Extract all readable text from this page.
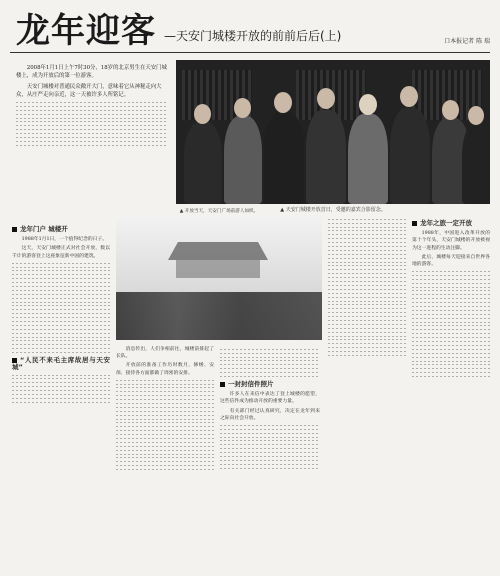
龙年迎客 —天安门城楼开放的前前后后(上)	口本报记者 陈 瑞

2008年1月1日上午7时30分，18岁的北京男生在天安门城楼上，成为开放后的第一位游客。

天安门城楼对普通民众敞开大门，意味着它从神秘走向大众，从庄严走向亲近，这一天被许多人所铭记。

▲ 天安门城楼开放首日，受邀的嘉宾合影留念。
▲ 开放当天，天安门广场前游人如织。
龙年门户 城楼开

1988年1月1日，一个值得纪念的日子。

这天，天安门城楼正式对社会开放，数以千计的游客登上这座象征新中国的建筑。

“人民不来毛主席故居与天安城”

消息传出，人们争相前往，城楼前排起了长队。

开放前的准备工作历时数月，修缮、安保、接待各方面都做了周密的安排。

一封封信件照片

许多人在来信中表达了登上城楼的愿望，这些信件成为推动开放的重要力量。

有关部门经过认真研究，决定在龙年到来之际向社会开放。

龙年之旅一定开放

1988年，中国进入改革开放的第十个年头，天安门城楼的开放被视为这一进程的生动注脚。

此后，城楼每天迎接来自世界各地的游客。
